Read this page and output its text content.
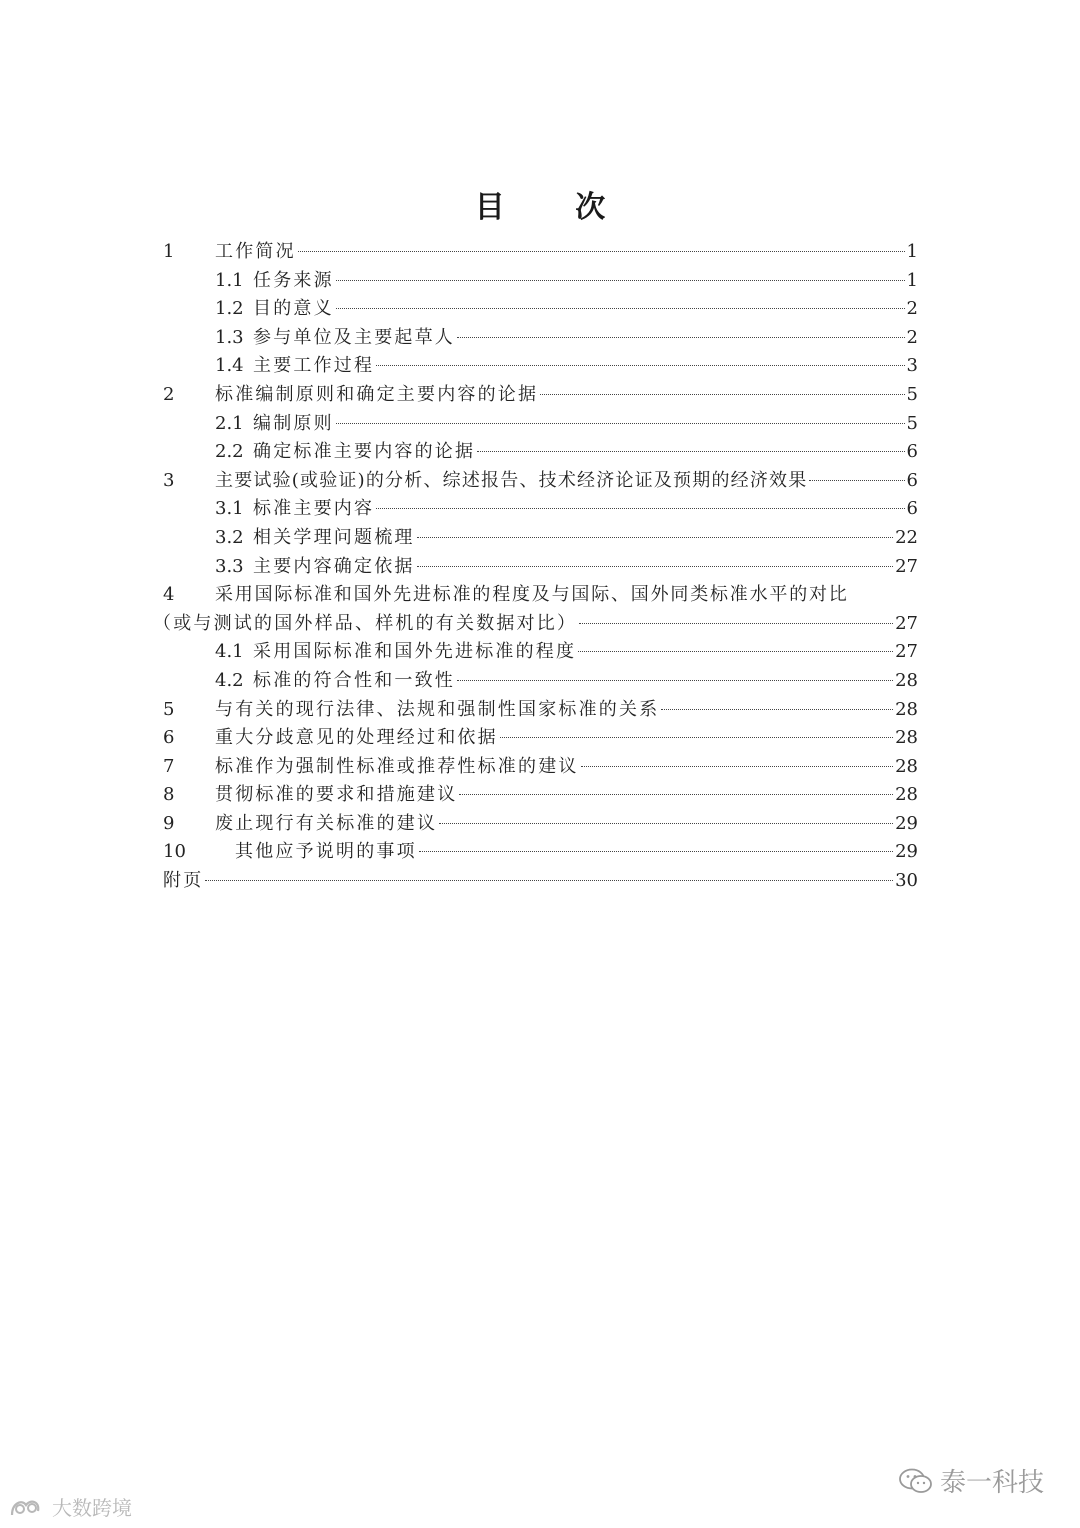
目 次
1	工作简况	1
1.1 任务来源	1
1.2 目的意义	2
1.3 参与单位及主要起草人	2
1.4 主要工作过程	3
2	标准编制原则和确定主要内容的论据	5
2.1 编制原则	5
2.2 确定标准主要内容的论据	6
3	主要试验(或验证)的分析、综述报告、技术经济论证及预期的经济效果	6
3.1 标准主要内容	6
3.2 相关学理问题梳理	22
3.3 主要内容确定依据	27
4	采用国际标准和国外先进标准的程度及与国际、国外同类标准水平的对比
（或与测试的国外样品、样机的有关数据对比）	27
4.1 采用国际标准和国外先进标准的程度	27
4.2 标准的符合性和一致性	28
5	与有关的现行法律、法规和强制性国家标准的关系	28
6	重大分歧意见的处理经过和依据	28
7	标准作为强制性标准或推荐性标准的建议	28
8	贯彻标准的要求和措施建议	28
9	废止现行有关标准的建议	29
10	其他应予说明的事项	29
附页	30
泰一科技
大数跨境
